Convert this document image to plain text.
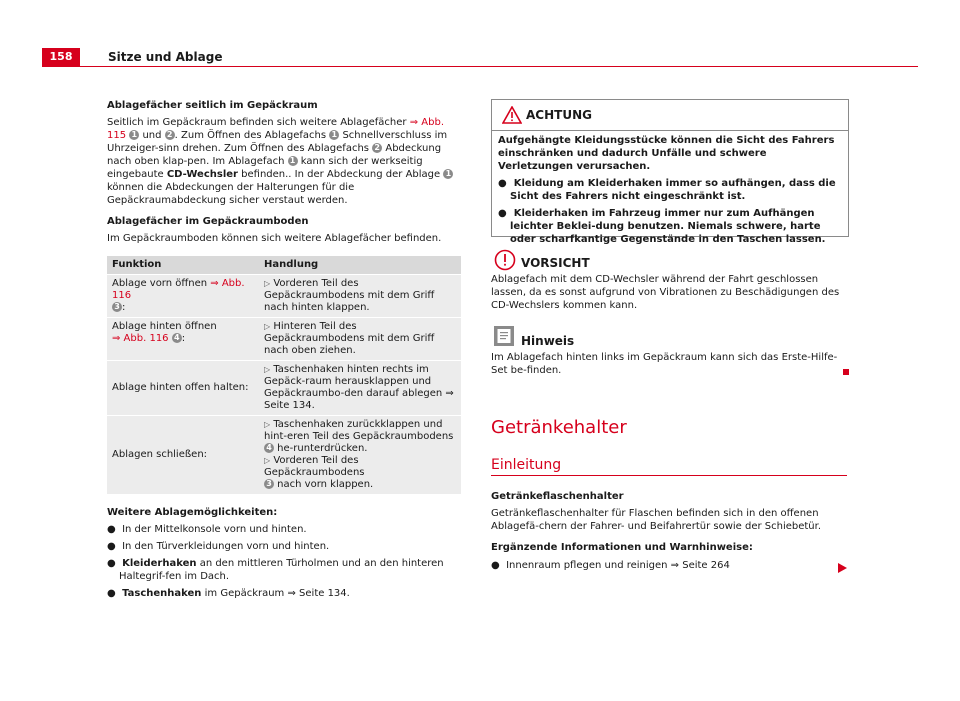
158	Sitze und Ablage

Ablagefächer seitlich im Gepäckraum

Seitlich im Gepäckraum befinden sich weitere Ablagefächer ⇒ Abb. 115 1 und 2 . Zum Öffnen des Ablagefachs 1 Schnellverschluss im Uhrzeiger-sinn drehen. Zum Öffnen des Ablagefachs 2 Abdeckung nach oben klap-pen. Im Ablagefach 1 kann sich der werkseitig eingebaute CD-Wechsler befinden.. In der Abdeckung der Ablage 1 können die Abdeckungen der Halterungen für die Gepäckraumabdeckung sicher verstaut werden.

Ablagefächer im Gepäckraumboden

Im Gepäckraumboden können sich weitere Ablagefächer befinden.

Funktion	Handlung
Ablage vorn öffnen ⇒ Abb. 116
3 :	▷ Vorderen Teil des Gepäckraumbodens mit dem Griff nach hinten klappen.
Ablage hinten öffnen
⇒ Abb. 116 4 :	▷ Hinteren Teil des Gepäckraumbodens mit dem Griff nach oben ziehen.
Ablage hinten offen halten:	▷ Taschenhaken hinten rechts im Gepäck-raum herausklappen und Gepäckraumbo-den darauf ablegen ⇒ Seite 134.
Ablagen schließen:	▷ Taschenhaken zurückklappen und hint-eren Teil des Gepäckraumbodens 4 he-runterdrücken.
▷ Vorderen Teil des Gepäckraumbodens
3 nach vorn klappen.

Weitere Ablagemöglichkeiten:

● In der Mittelkonsole vorn und hinten.

● In den Türverkleidungen vorn und hinten.

● Kleiderhaken an den mittleren Türholmen und an den hinteren Haltegrif-fen im Dach.

● Taschenhaken im Gepäckraum ⇒ Seite 134.

ACHTUNG

Aufgehängte Kleidungsstücke können die Sicht des Fahrers einschränken und dadurch Unfälle und schwere Verletzungen verursachen.

● Kleidung am Kleiderhaken immer so aufhängen, dass die Sicht des Fahrers nicht eingeschränkt ist.

● Kleiderhaken im Fahrzeug immer nur zum Aufhängen leichter Beklei-dung benutzen. Niemals schwere, harte oder scharfkantige Gegenstände in den Taschen lassen.

VORSICHT
Ablagefach mit dem CD-Wechsler während der Fahrt geschlossen lassen, da es sonst aufgrund von Vibrationen zu Beschädigungen des CD-Wechslers kommen kann.
Hinweis
Im Ablagefach hinten links im Gepäckraum kann sich das Erste-Hilfe-Set be-finden.
Getränkehalter
Einleitung

Getränkeflaschenhalter

Getränkeflaschenhalter für Flaschen befinden sich in den offenen Ablagefä-chern der Fahrer- und Beifahrertür sowie der Schiebetür.

Ergänzende Informationen und Warnhinweise:

● Innenraum pflegen und reinigen ⇒ Seite 264
